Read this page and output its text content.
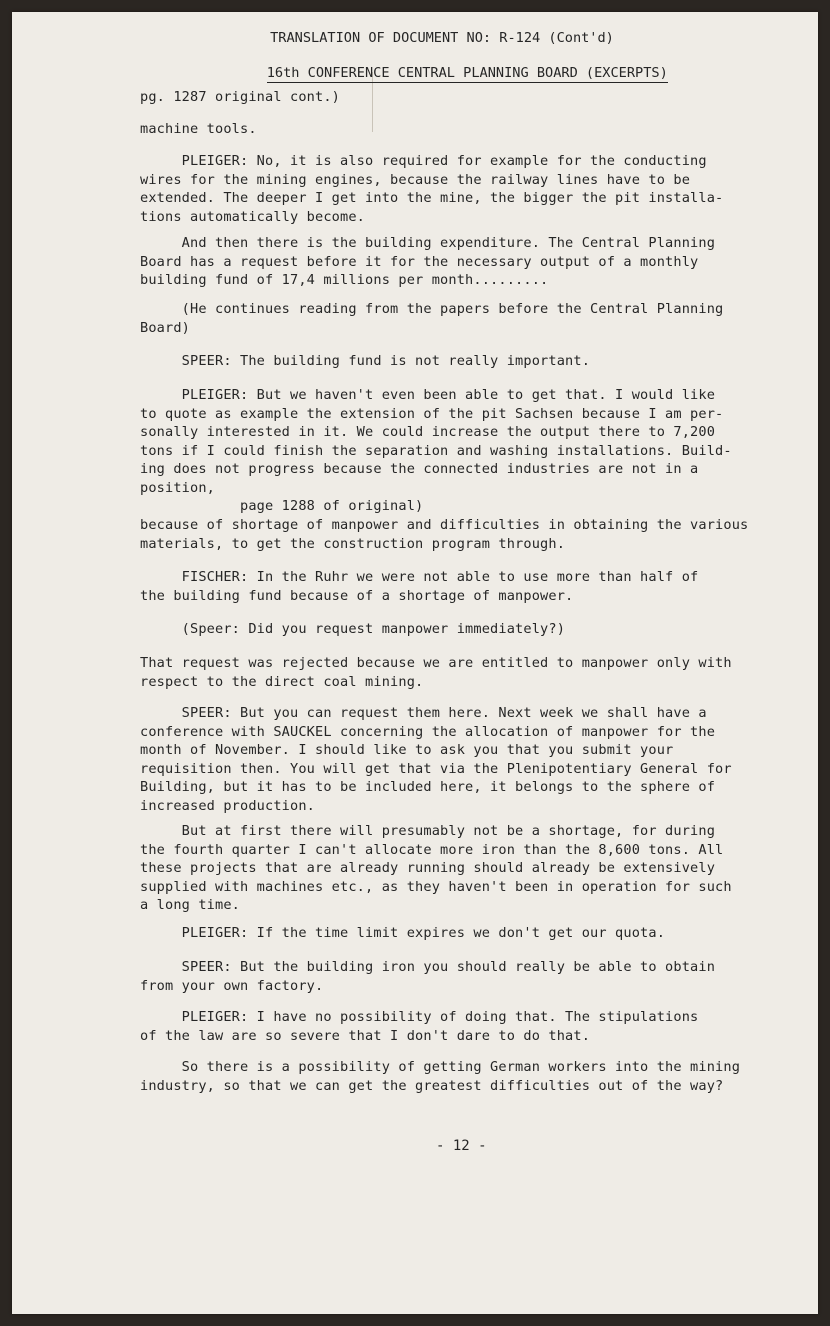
TRANSLATION OF DOCUMENT NO: R-124 (Cont'd)

16th CONFERENCE CENTRAL PLANNING BOARD (EXCERPTS)

pg. 1287 original cont.)
machine tools.
PLEIGER: No, it is also required for example for the conducting
wires for the mining engines, because the railway lines have to be
extended. The deeper I get into the mine, the bigger the pit installa-
tions automatically become.
And then there is the building expenditure. The Central Planning
Board has a request before it for the necessary output of a monthly
building fund of 17,4 millions per month.........
(He continues reading from the papers before the Central Planning
Board)
SPEER: The building fund is not really important.
PLEIGER: But we haven't even been able to get that. I would like
to quote as example the extension of the pit Sachsen because I am per-
sonally interested in it. We could increase the output there to 7,200
tons if I could finish the separation and washing installations. Build-
ing does not progress because the connected industries are not in a
position,
page 1288 of original)
because of shortage of manpower and difficulties in obtaining the various
materials, to get the construction program through.
FISCHER: In the Ruhr we were not able to use more than half of
the building fund because of a shortage of manpower.
(Speer: Did you request manpower immediately?)
That request was rejected because we are entitled to manpower only with
respect to the direct coal mining.
SPEER: But you can request them here. Next week we shall have a
conference with SAUCKEL concerning the allocation of manpower for the
month of November. I should like to ask you that you submit your
requisition then. You will get that via the Plenipotentiary General for
Building, but it has to be included here, it belongs to the sphere of
increased production.
But at first there will presumably not be a shortage, for during
the fourth quarter I can't allocate more iron than the 8,600 tons. All
these projects that are already running should already be extensively
supplied with machines etc., as they haven't been in operation for such
a long time.
PLEIGER: If the time limit expires we don't get our quota.
SPEER: But the building iron you should really be able to obtain
from your own factory.
PLEIGER: I have no possibility of doing that. The stipulations
of the law are so severe that I don't dare to do that.
So there is a possibility of getting German workers into the mining
industry, so that we can get the greatest difficulties out of the way?
- 12 -
